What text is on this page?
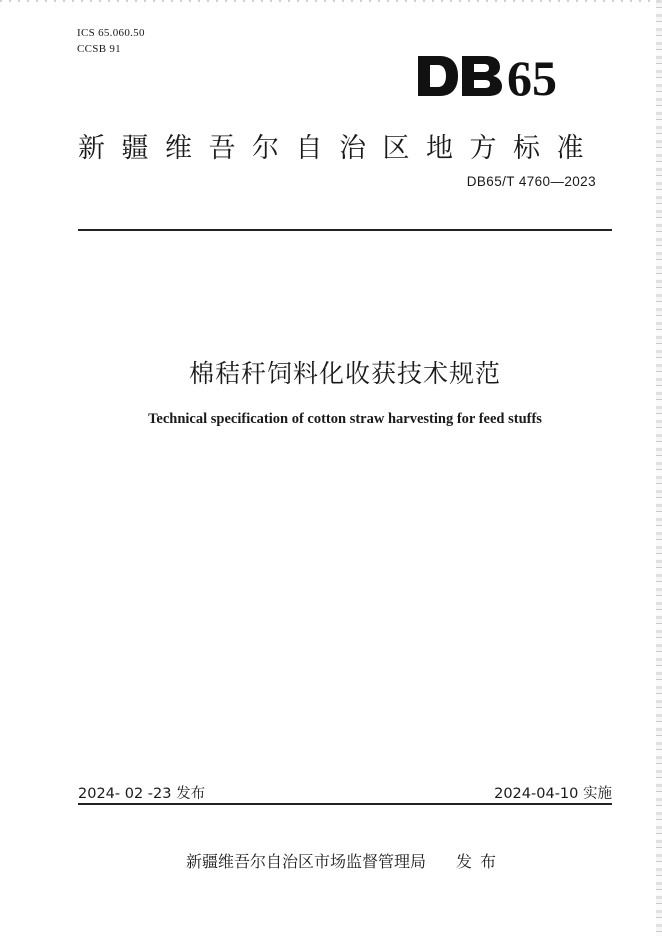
ICS 65.060.50
CCSB 91
65
新疆维吾尔自治区地方标准
DB65/T 4760—2023
棉秸秆饲料化收获技术规范
Technical specification of cotton straw harvesting for feed stuffs
2024- 02 -23 发布	2024-04-10 实施
新疆维吾尔自治区市场监督管理局 发布
